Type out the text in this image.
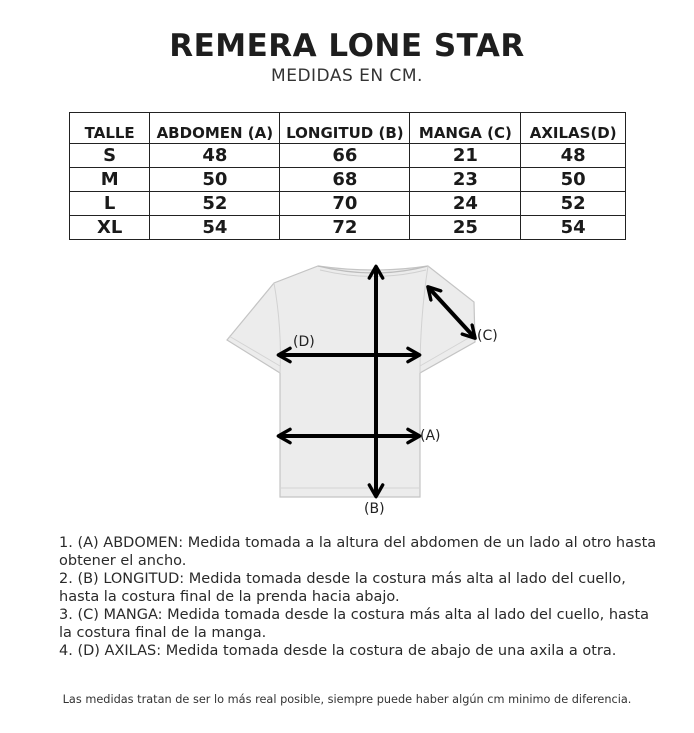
REMERA LONE STAR
MEDIDAS EN CM.
TALLE	ABDOMEN (A)	LONGITUD (B)	MANGA (C)	AXILAS(D)
S	48	66	21	48
M	50	68	23	50
L	52	70	24	52
XL	54	72	25	54
(D)	(C)
(A)
(B)

1. (A) ABDOMEN: Medida tomada a la altura del abdomen de un lado al otro hasta obtener el ancho.

2. (B) LONGITUD: Medida tomada desde la costura más alta al lado del cuello, hasta la costura final de la prenda hacia abajo.

3. (C) MANGA: Medida tomada desde la costura más alta al lado del cuello, hasta la costura final de la manga.

4. (D) AXILAS: Medida tomada desde la costura de abajo de una axila a otra.

Las medidas tratan de ser lo más real posible, siempre puede haber algún cm minimo de diferencia.
